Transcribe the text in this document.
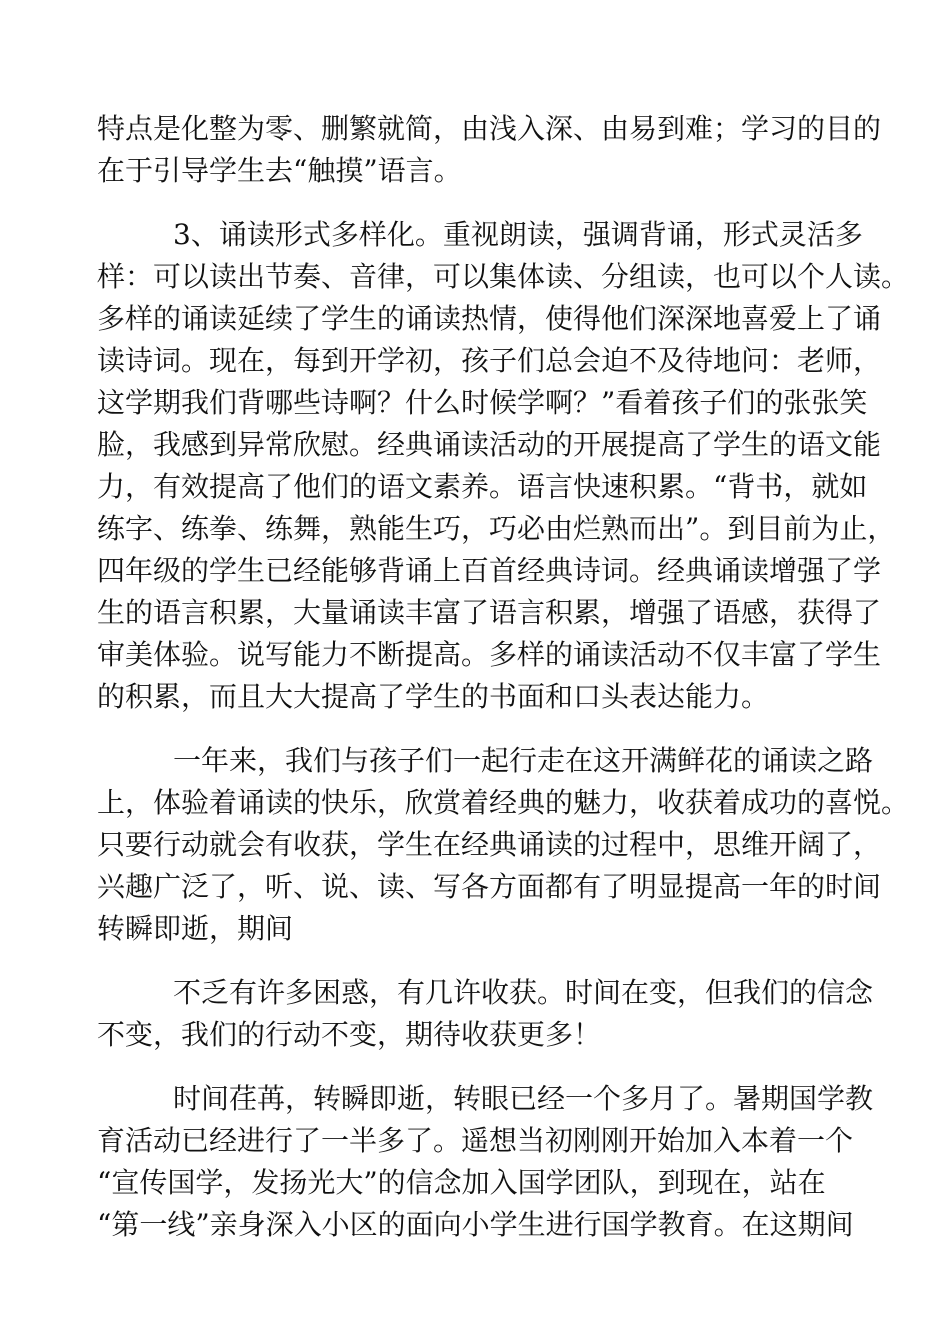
特点是化整为零、删繁就简，由浅入深、由易到难；学习的目的
在于引导学生去“触摸”语言。
3、诵读形式多样化。重视朗读，强调背诵，形式灵活多
样：可以读出节奏、音律，可以集体读、分组读，也可以个人读。
多样的诵读延续了学生的诵读热情，使得他们深深地喜爱上了诵
读诗词。现在，每到开学初，孩子们总会迫不及待地问：老师，
这学期我们背哪些诗啊？什么时候学啊？”看着孩子们的张张笑
脸，我感到异常欣慰。经典诵读活动的开展提高了学生的语文能
力，有效提高了他们的语文素养。语言快速积累。“背书，就如
练字、练拳、练舞，熟能生巧，巧必由烂熟而出”。到目前为止，
四年级的学生已经能够背诵上百首经典诗词。经典诵读增强了学
生的语言积累，大量诵读丰富了语言积累，增强了语感，获得了
审美体验。说写能力不断提高。多样的诵读活动不仅丰富了学生
的积累，而且大大提高了学生的书面和口头表达能力。
一年来，我们与孩子们一起行走在这开满鲜花的诵读之路
上，体验着诵读的快乐，欣赏着经典的魅力，收获着成功的喜悦。
只要行动就会有收获，学生在经典诵读的过程中，思维开阔了，
兴趣广泛了，听、说、读、写各方面都有了明显提高一年的时间
转瞬即逝，期间
不乏有许多困惑，有几许收获。时间在变，但我们的信念
不变，我们的行动不变，期待收获更多！
时间荏苒，转瞬即逝，转眼已经一个多月了。暑期国学教
育活动已经进行了一半多了。遥想当初刚刚开始加入本着一个
“宣传国学，发扬光大”的信念加入国学团队，到现在，站在
“第一线”亲身深入小区的面向小学生进行国学教育。在这期间
